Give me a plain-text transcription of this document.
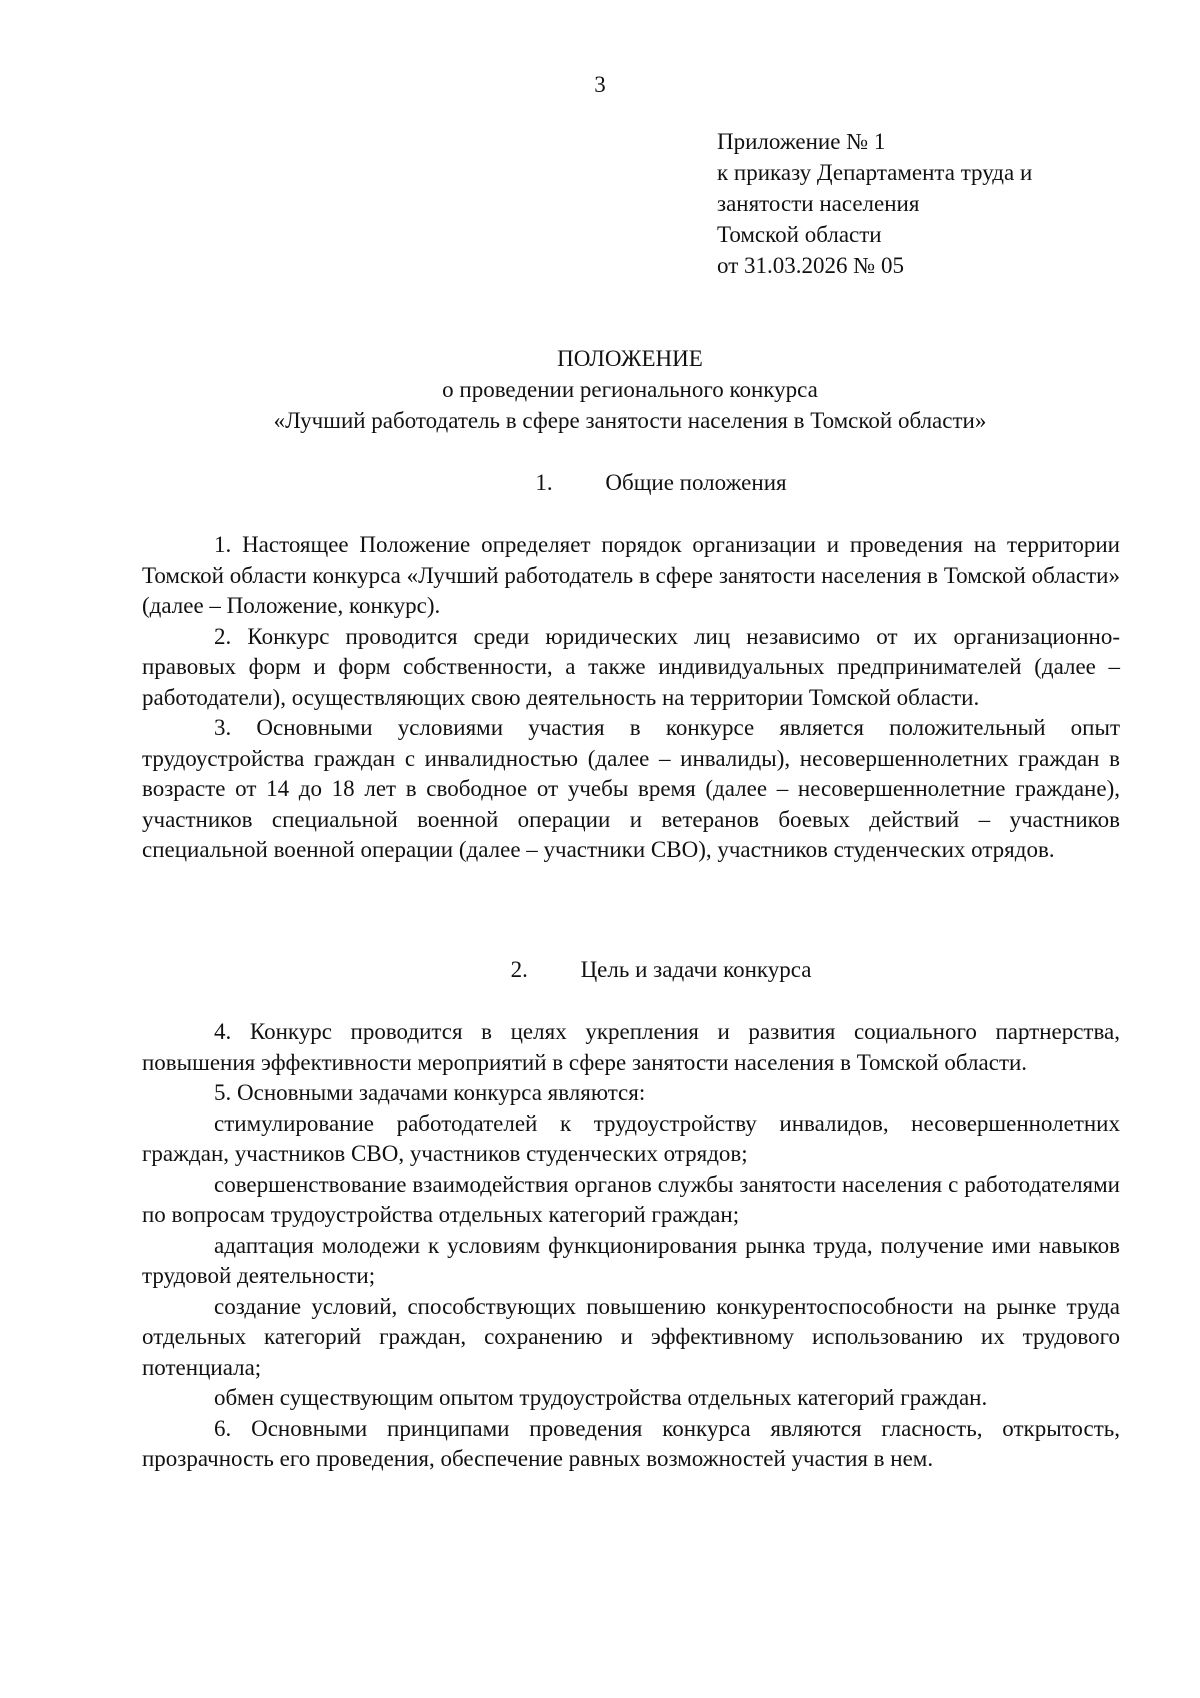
3
Приложение № 1
к приказу Департамента труда и
занятости населения
Томской области
от 31.03.2026 № 05
ПОЛОЖЕНИЕ
о проведении регионального конкурса
«Лучший работодатель в сфере занятости населения в Томской области»
1. Общие положения

1. Настоящее Положение определяет порядок организации и проведения на территории Томской области конкурса «Лучший работодатель в сфере занятости населения в Томской области» (далее – Положение, конкурс).

2. Конкурс проводится среди юридических лиц независимо от их организационно-правовых форм и форм собственности, а также индивидуальных предпринимателей (далее – работодатели), осуществляющих свою деятельность на территории Томской области.

3. Основными условиями участия в конкурсе является положительный опыт трудоустройства граждан с инвалидностью (далее – инвалиды), несовершеннолетних граждан в возрасте от 14 до 18 лет в свободное от учебы время (далее – несовершеннолетние граждане), участников специальной военной операции и ветеранов боевых действий – участников специальной военной операции (далее – участники СВО), участников студенческих отрядов.

2. Цель и задачи конкурса

4. Конкурс проводится в целях укрепления и развития социального партнерства, повышения эффективности мероприятий в сфере занятости населения в Томской области.

5. Основными задачами конкурса являются:

стимулирование работодателей к трудоустройству инвалидов, несовершеннолетних граждан, участников СВО, участников студенческих отрядов;

совершенствование взаимодействия органов службы занятости населения с работодателями по вопросам трудоустройства отдельных категорий граждан;

адаптация молодежи к условиям функционирования рынка труда, получение ими навыков трудовой деятельности;

создание условий, способствующих повышению конкурентоспособности на рынке труда отдельных категорий граждан, сохранению и эффективному использованию их трудового потенциала;

обмен существующим опытом трудоустройства отдельных категорий граждан.

6. Основными принципами проведения конкурса являются гласность, открытость, прозрачность его проведения, обеспечение равных возможностей участия в нем.
